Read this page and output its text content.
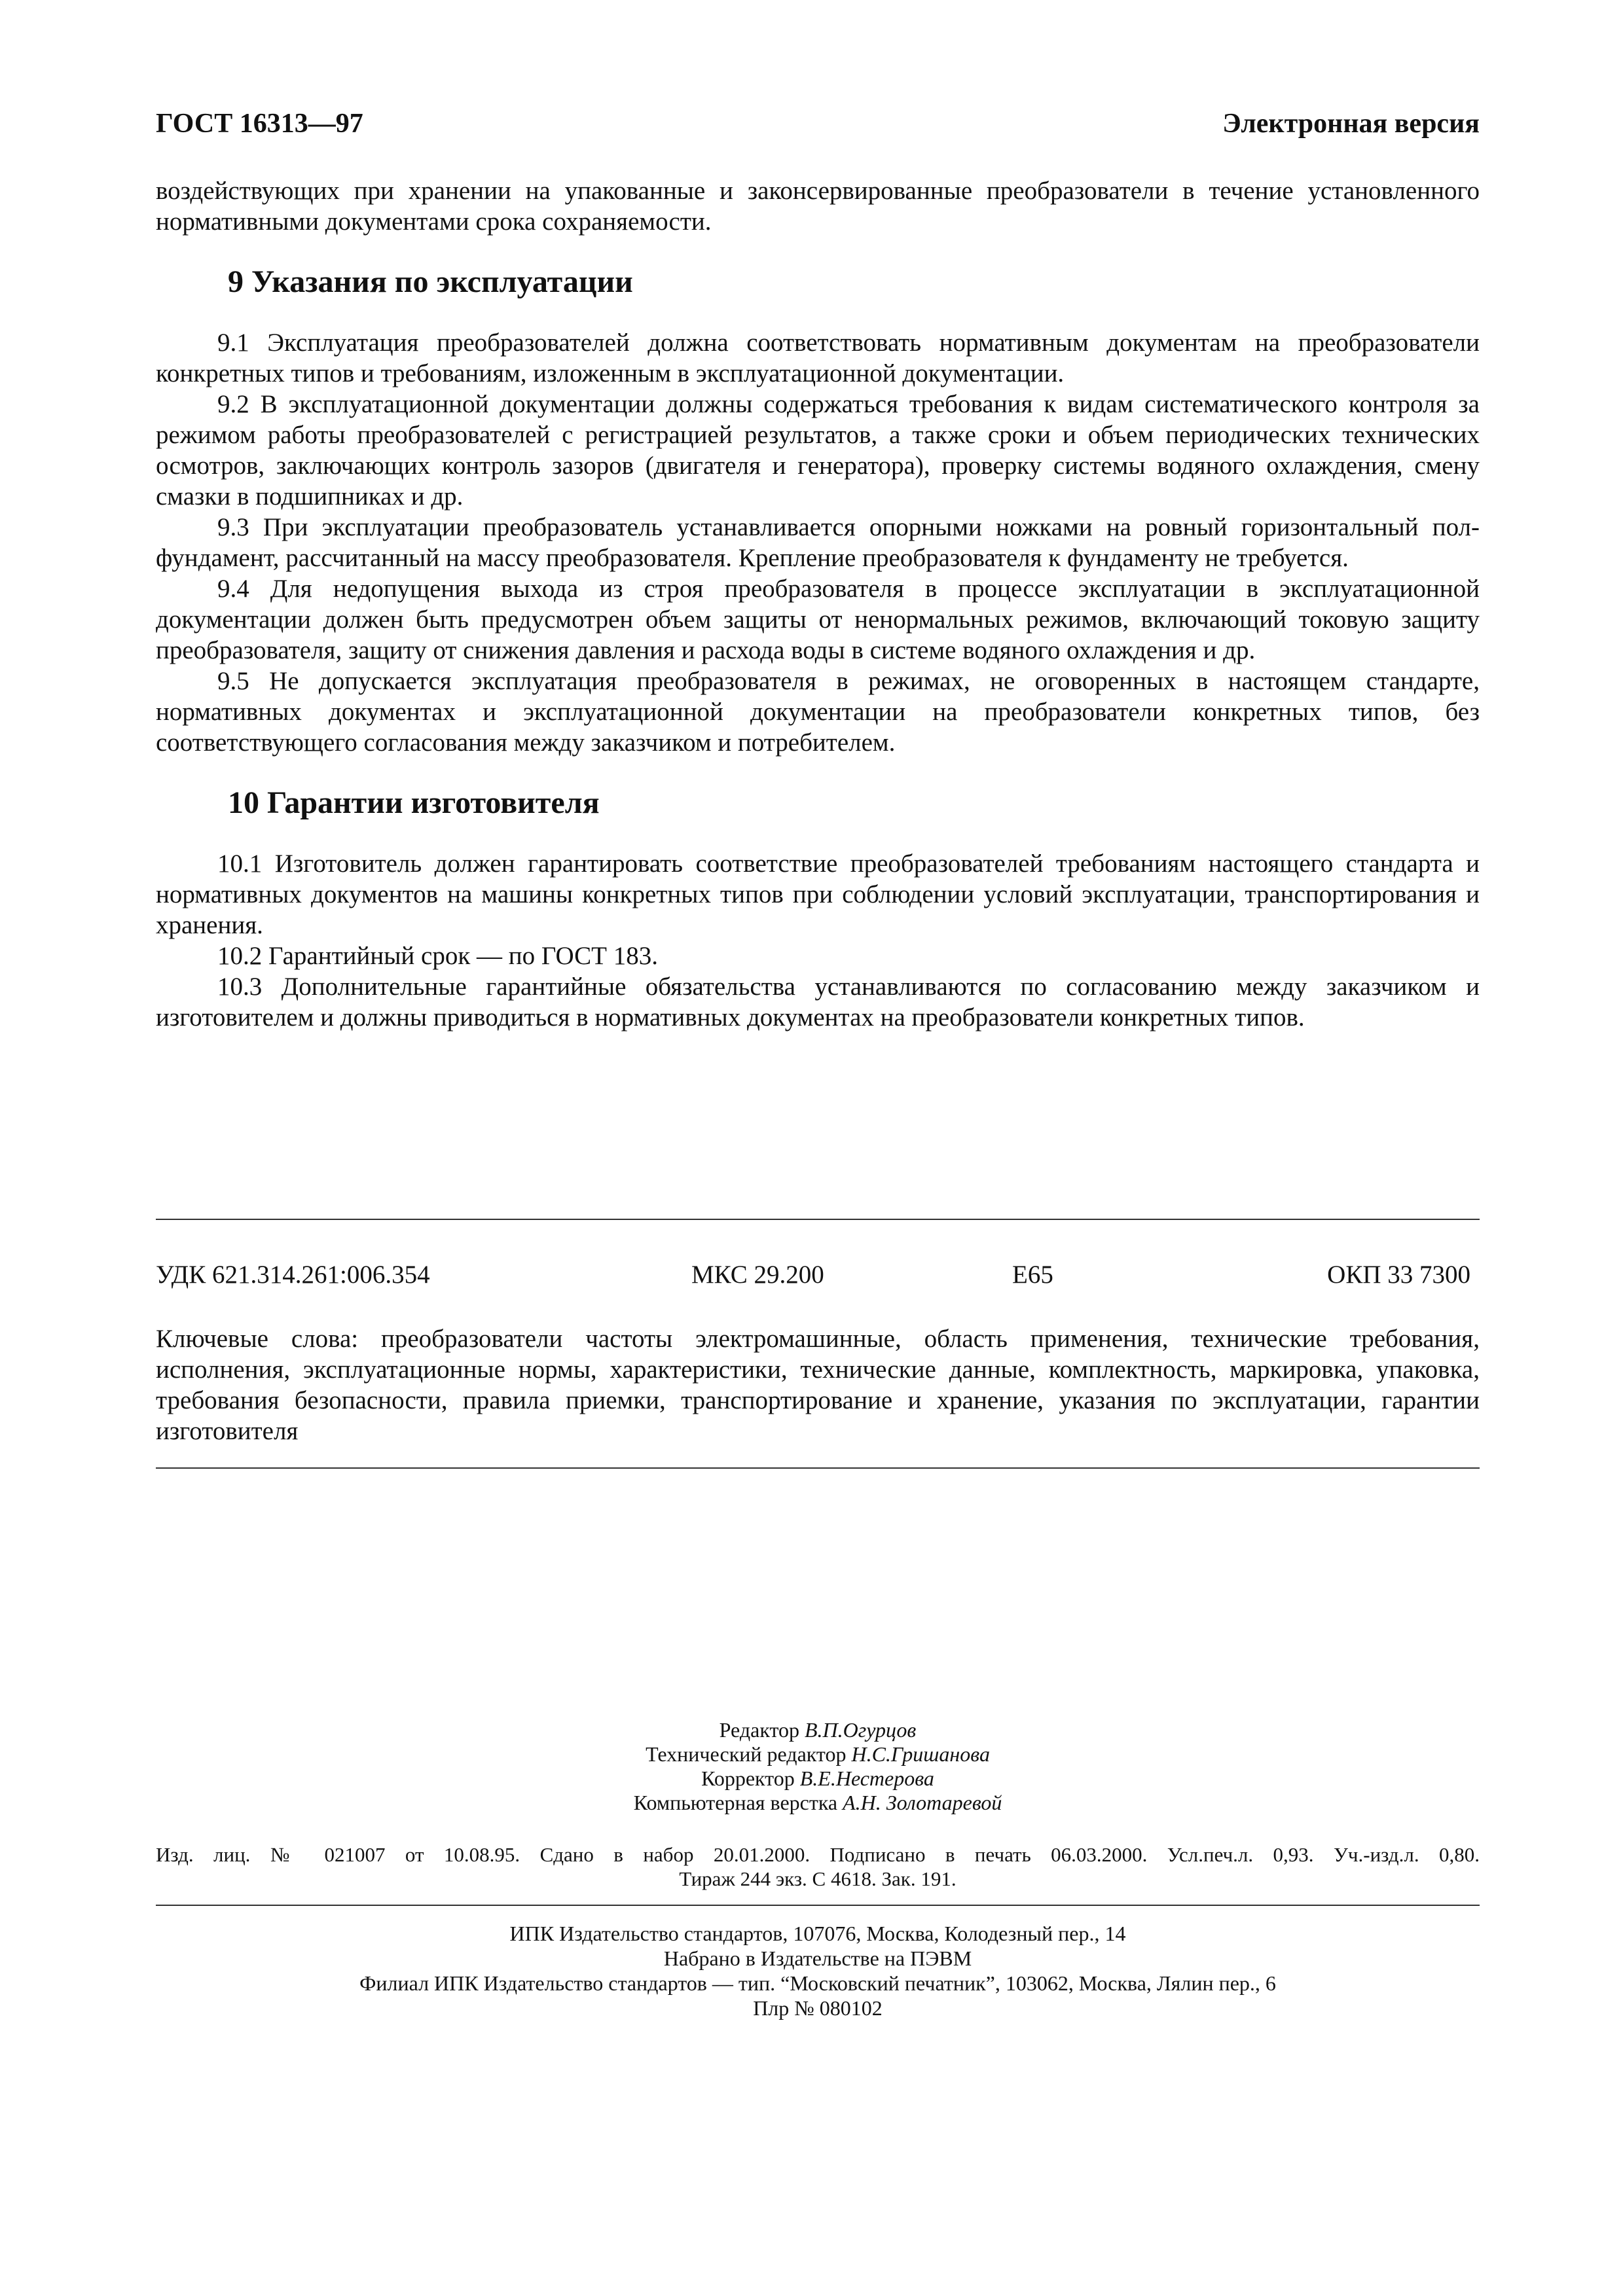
ГОСТ 16313—97	Электронная версия

воздействующих при хранении на упакованные и законсервированные преобразователи в течение установленного нормативными документами срока сохраняемости.

9 Указания по эксплуатации

9.1 Эксплуатация преобразователей должна соответствовать нормативным документам на преобразователи конкретных типов и требованиям, изложенным в эксплуатационной документации.

9.2 В эксплуатационной документации должны содержаться требования к видам систематического контроля за режимом работы преобразователей с регистрацией результатов, а также сроки и объем периодических технических осмотров, заключающих контроль зазоров (двигателя и генератора), проверку системы водяного охлаждения, смену смазки в подшипниках и др.

9.3 При эксплуатации преобразователь устанавливается опорными ножками на ровный горизонтальный пол-фундамент, рассчитанный на массу преобразователя. Крепление преобразователя к фундаменту не требуется.

9.4 Для недопущения выхода из строя преобразователя в процессе эксплуатации в эксплуатационной документации должен быть предусмотрен объем защиты от ненормальных режимов, включающий токовую защиту преобразователя, защиту от снижения давления и расхода воды в системе водяного охлаждения и др.

9.5 Не допускается эксплуатация преобразователя в режимах, не оговоренных в настоящем стандарте, нормативных документах и эксплуатационной документации на преобразователи конкретных типов, без соответствующего согласования между заказчиком и потребителем.

10 Гарантии изготовителя

10.1 Изготовитель должен гарантировать соответствие преобразователей требованиям настоящего стандарта и нормативных документов на машины конкретных типов при соблюдении условий эксплуатации, транспортирования и хранения.

10.2 Гарантийный срок — по ГОСТ 183.

10.3 Дополнительные гарантийные обязательства устанавливаются по согласованию между заказчиком и изготовителем и должны приводиться в нормативных документах на преобразователи конкретных типов.

УДК 621.314.261:006.354	МКС 29.200	Е65	ОКП 33 7300
Ключевые слова: преобразователи частоты электромашинные, область применения, технические требования, исполнения, эксплуатационные нормы, характеристики, технические данные, комплектность, маркировка, упаковка, требования безопасности, правила приемки, транспортирование и хранение, указания по эксплуатации, гарантии изготовителя
Редактор В.П.Огурцов
Технический редактор Н.С.Гришанова
Корректор В.Е.Нестерова
Компьютерная верстка А.Н. Золотаревой
Изд. лиц. № 021007 от 10.08.95. Сдано в набор 20.01.2000. Подписано в печать 06.03.2000. Усл.печ.л. 0,93. Уч.-изд.л. 0,80.
Тираж 244 экз. С 4618. Зак. 191.
ИПК Издательство стандартов, 107076, Москва, Колодезный пер., 14
Набрано в Издательстве на ПЭВМ
Филиал ИПК Издательство стандартов — тип. “Московский печатник”, 103062, Москва, Лялин пер., 6
Плр № 080102
